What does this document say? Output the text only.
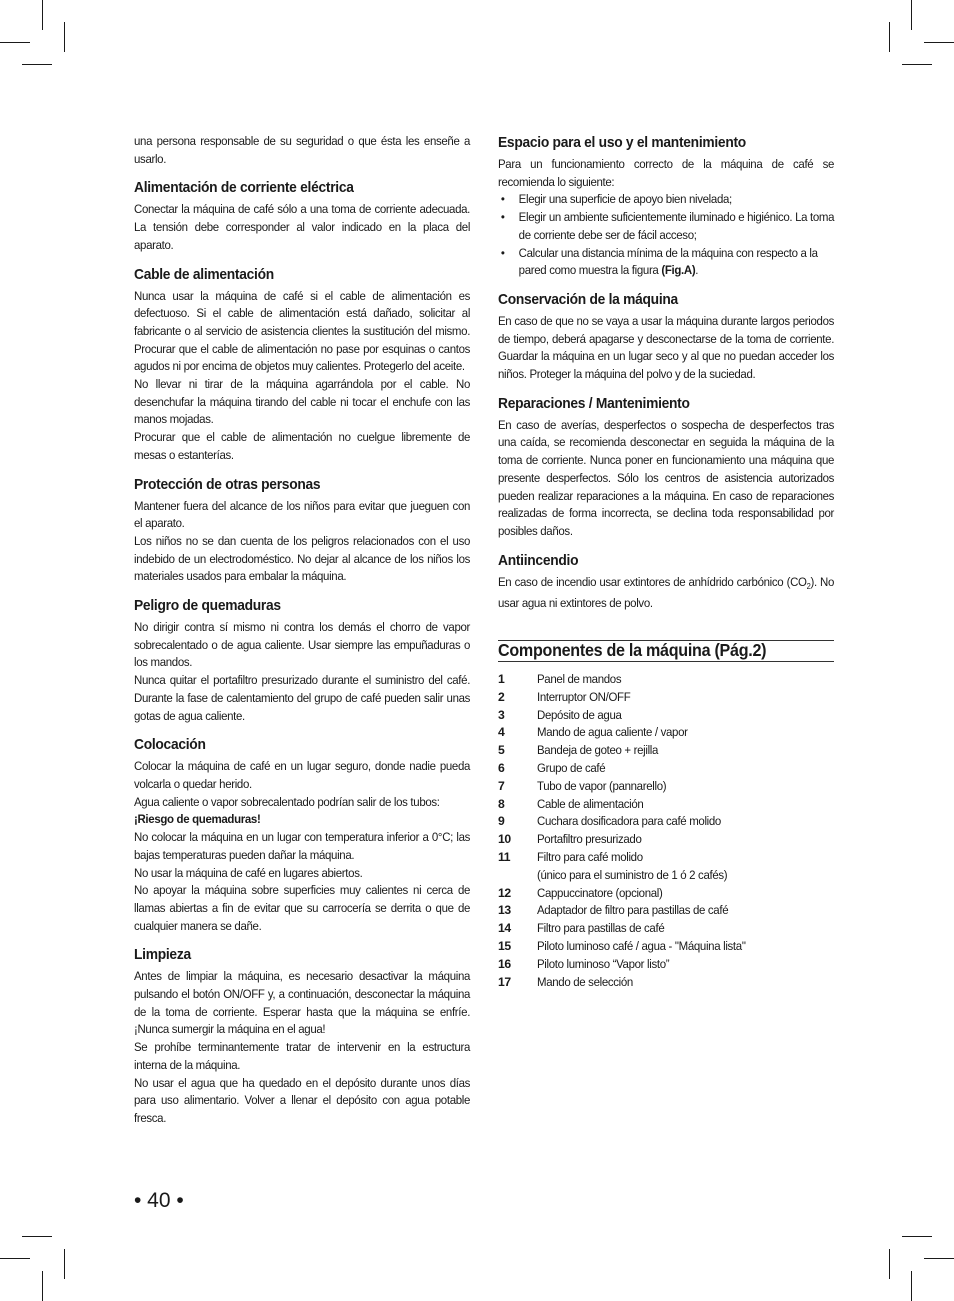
una persona responsable de su seguridad o que ésta les enseñe a usarlo.

Alimentación de corriente eléctrica

Conectar la máquina de café sólo a una toma de corriente adecuada. La tensión debe corresponder al valor indicado en la placa del aparato.

Cable de alimentación

Nunca usar la máquina de café si el cable de alimentación es defectuoso. Si el cable de alimentación está dañado, solicitar al fabricante o al servicio de asistencia clientes la sustitución del mismo. Procurar que el cable de alimentación no pase por esquinas o cantos agudos ni por encima de objetos muy calientes. Protegerlo del aceite.

No llevar ni tirar de la máquina agarrándola por el cable. No desenchufar la máquina tirando del cable ni tocar el enchufe con las manos mojadas.

Procurar que el cable de alimentación no cuelgue libremente de mesas o estanterías.

Protección de otras personas

Mantener fuera del alcance de los niños para evitar que jueguen con el aparato.

Los niños no se dan cuenta de los peligros relacionados con el uso indebido de un electrodoméstico. No dejar al alcance de los niños los materiales usados para embalar la máquina.

Peligro de quemaduras

No dirigir contra sí mismo ni contra los demás el chorro de vapor sobrecalentado o de agua caliente. Usar siempre las empuñaduras o los mandos.

Nunca quitar el portafiltro presurizado durante el suministro del café. Durante la fase de calentamiento del grupo de café pueden salir unas gotas de agua caliente.

Colocación

Colocar la máquina de café en un lugar seguro, donde nadie pueda volcarla o quedar herido.

Agua caliente o vapor sobrecalentado podrían salir de los tubos:

¡Riesgo de quemaduras!

No colocar la máquina en un lugar con temperatura inferior a 0°C; las bajas temperaturas pueden dañar la máquina.

No usar la máquina de café en lugares abiertos.

No apoyar la máquina sobre superficies muy calientes ni cerca de llamas abiertas a fin de evitar que su carrocería se derrita o que de cualquier manera se dañe.

Limpieza

Antes de limpiar la máquina, es necesario desactivar la máquina pulsando el botón ON/OFF y, a continuación, desconectar la máquina de la toma de corriente. Esperar hasta que la máquina se enfríe. ¡Nunca sumergir la máquina en el agua!

Se prohíbe terminantemente tratar de intervenir en la estructura interna de la máquina.

No usar el agua que ha quedado en el depósito durante unos días para uso alimentario. Volver a llenar el depósito con agua potable fresca.

Espacio para el uso y el mantenimiento

Para un funcionamiento correcto de la máquina de café se recomienda lo siguiente:

• Elegir una superficie de apoyo bien nivelada;
• Elegir un ambiente suficientemente iluminado e higiénico. La toma de corriente debe ser de fácil acceso;
• Calcular una distancia mínima de la máquina con respecto a la pared como muestra la figura (Fig.A).
Conservación de la máquina

En caso de que no se vaya a usar la máquina durante largos periodos de tiempo, deberá apagarse y desconectarse de la toma de corriente. Guardar la máquina en un lugar seco y al que no puedan acceder los niños. Proteger la máquina del polvo y de la suciedad.

Reparaciones / Mantenimiento

En caso de averías, desperfectos o sospecha de desperfectos tras una caída, se recomienda desconectar en seguida la máquina de la toma de corriente. Nunca poner en funcionamiento una máquina que presente desperfectos. Sólo los centros de asistencia autorizados pueden realizar reparaciones a la máquina. En caso de reparaciones realizadas de forma incorrecta, se declina toda responsabilidad por posibles daños.

Antiincendio

En caso de incendio usar extintores de anhídrido carbónico $(CO_2)$. No usar agua ni extintores de polvo.

Componentes de la máquina (Pág.2)
1	Panel de mandos
2	Interruptor ON/OFF
3	Depósito de agua
4	Mando de agua caliente / vapor
5	Bandeja de goteo + rejilla
6	Grupo de café
7	Tubo de vapor (pannarello)
8	Cable de alimentación
9	Cuchara dosificadora para café molido
10	Portafiltro presurizado
11	Filtro para café molido
	(único para el suministro de 1 ó 2 cafés)
12	Cappuccinatore (opcional)
13	Adaptador de filtro para pastillas de café
14	Filtro para pastillas de café
15	Piloto luminoso café / agua - "Máquina lista"
16	Piloto luminoso “Vapor listo”
17	Mando de selección
• 40 •
